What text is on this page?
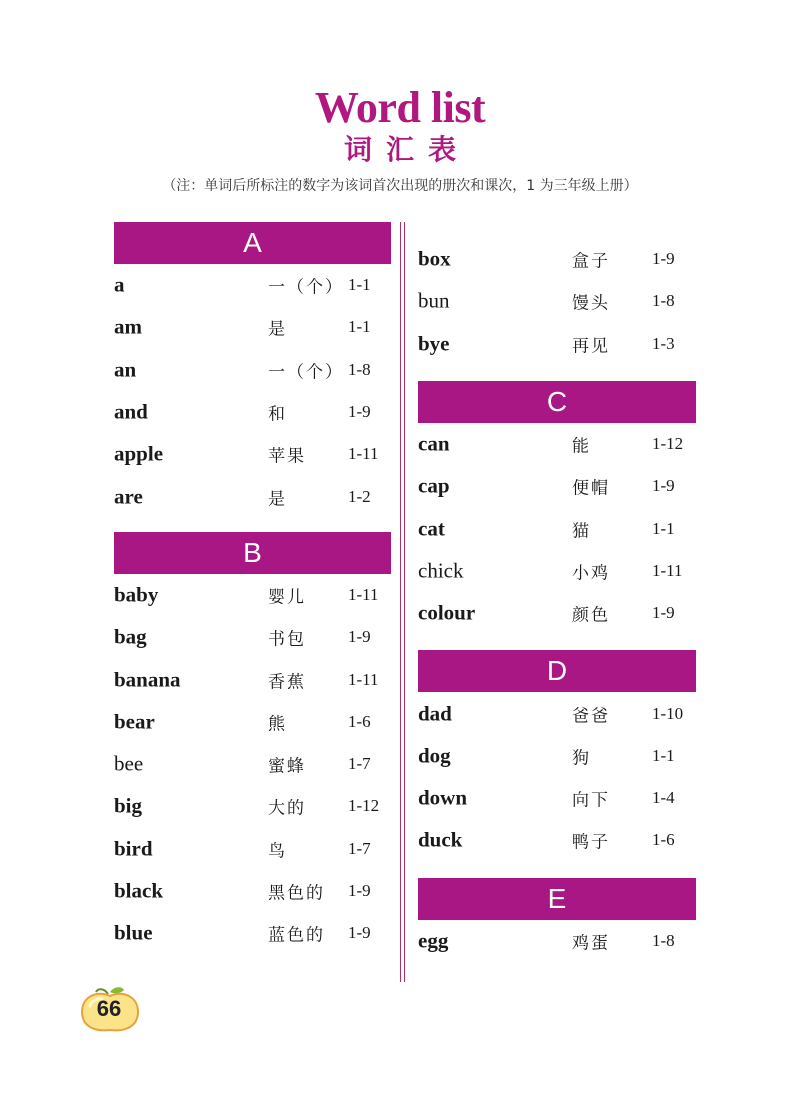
Word list
词汇表
（注：单词后所标注的数字为该词首次出现的册次和课次，1 为三年级上册）
A
a	一（个） 1-1
am	是	1-1
an	一（个） 1-8
and	和	1-9
apple	苹果 1-11
are	是	1-2
B
baby	婴儿 1-11
bag	书包 1-9
banana	香蕉 1-11
bear	熊	1-6
bee	蜜蜂 1-7
big	大的 1-12
bird	鸟	1-7
black	黑色的 1-9
blue	蓝色的 1-9
box	盒子 1-9
bun	馒头 1-8
bye	再见 1-3
C
can	能	1-12
cap	便帽 1-9
cat	猫	1-1
chick	小鸡 1-11
colour	颜色 1-9
D
dad	爸爸 1-10
dog	狗	1-1
down	向下 1-4
duck	鸭子 1-6
E
egg	鸡蛋 1-8
66
